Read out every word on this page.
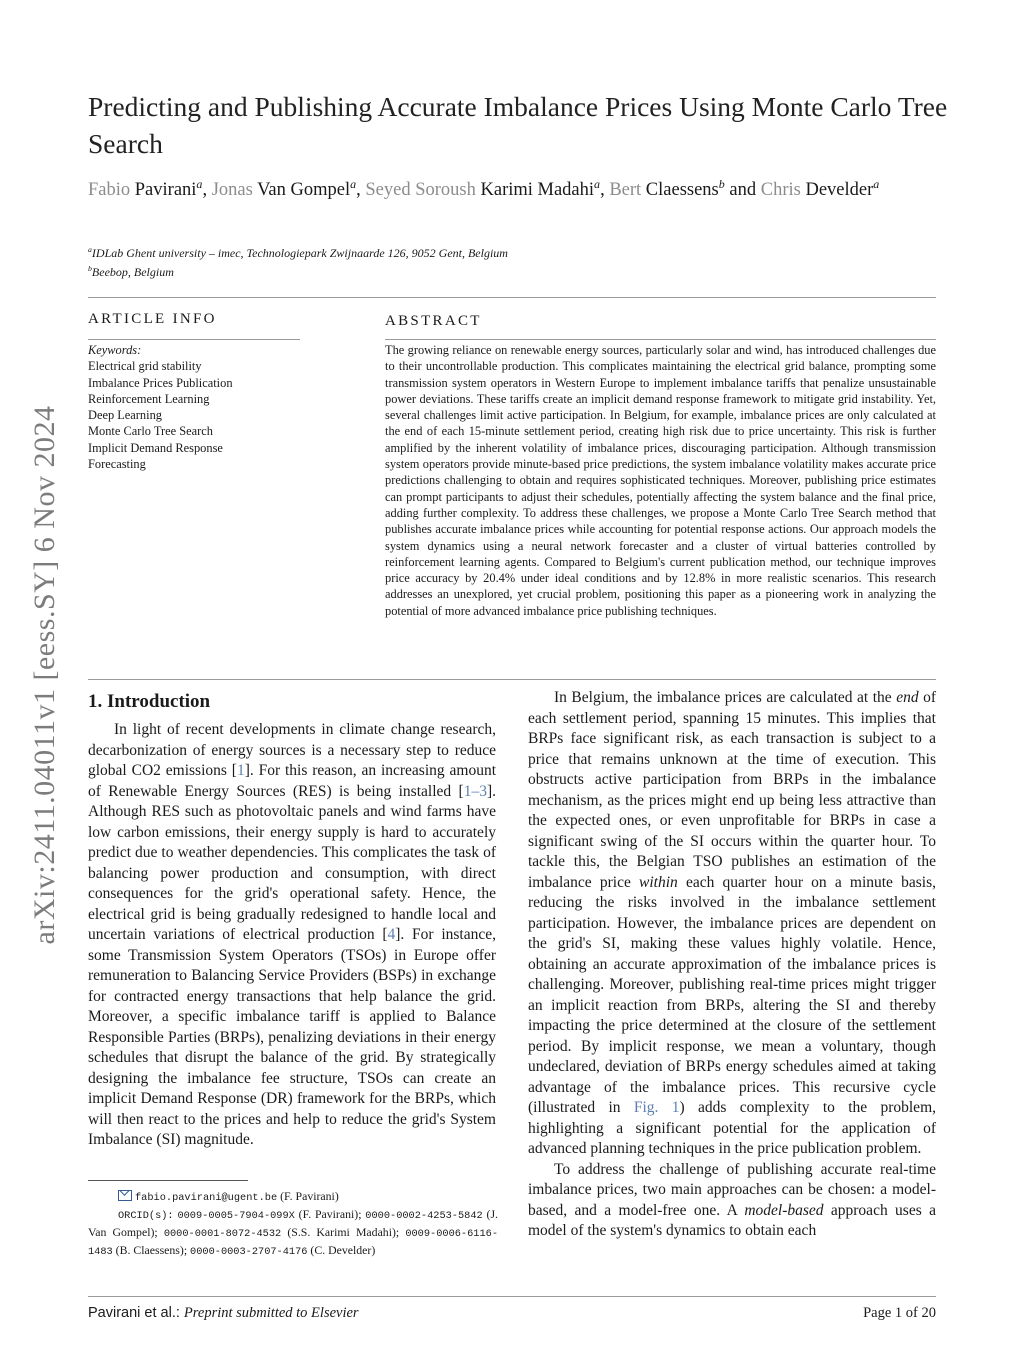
Predicting and Publishing Accurate Imbalance Prices Using Monte Carlo Tree Search
Fabio Pavirani$^a$, Jonas Van Gompel$^a$, Seyed Soroush Karimi Madahi$^a$, Bert Claessens$^b$ and Chris Develder$^a$
$^a$IDLab Ghent university – imec, Technologiepark Zwijnaarde 126, 9052 Gent, Belgium
$^b$Beebop, Belgium
ARTICLE INFO	ABSTRACT
Keywords:
Electrical grid stability
Imbalance Prices Publication
Reinforcement Learning
Deep Learning
Monte Carlo Tree Search
Implicit Demand Response
Forecasting
The growing reliance on renewable energy sources, particularly solar and wind, has introduced challenges due to their uncontrollable production. This complicates maintaining the electrical grid balance, prompting some transmission system operators in Western Europe to implement imbalance tariffs that penalize unsustainable power deviations. These tariffs create an implicit demand response framework to mitigate grid instability. Yet, several challenges limit active participation. In Belgium, for example, imbalance prices are only calculated at the end of each 15-minute settlement period, creating high risk due to price uncertainty. This risk is further amplified by the inherent volatility of imbalance prices, discouraging participation. Although transmission system operators provide minute-based price predictions, the system imbalance volatility makes accurate price predictions challenging to obtain and requires sophisticated techniques. Moreover, publishing price estimates can prompt participants to adjust their schedules, potentially affecting the system balance and the final price, adding further complexity. To address these challenges, we propose a Monte Carlo Tree Search method that publishes accurate imbalance prices while accounting for potential response actions. Our approach models the system dynamics using a neural network forecaster and a cluster of virtual batteries controlled by reinforcement learning agents. Compared to Belgium's current publication method, our technique improves price accuracy by 20.4% under ideal conditions and by 12.8% in more realistic scenarios. This research addresses an unexplored, yet crucial problem, positioning this paper as a pioneering work in analyzing the potential of more advanced imbalance price publishing techniques.
arXiv:2411.04011v1 [eess.SY] 6 Nov 2024 1. Introduction

In light of recent developments in climate change research, decarbonization of energy sources is a necessary step to reduce global CO2 emissions [1]. For this reason, an increasing amount of Renewable Energy Sources (RES) is being installed [1–3]. Although RES such as photovoltaic panels and wind farms have low carbon emissions, their energy supply is hard to accurately predict due to weather dependencies. This complicates the task of balancing power production and consumption, with direct consequences for the grid's operational safety. Hence, the electrical grid is being gradually redesigned to handle local and uncertain variations of electrical production [4]. For instance, some Transmission System Operators (TSOs) in Europe offer remuneration to Balancing Service Providers (BSPs) in exchange for contracted energy transactions that help balance the grid. Moreover, a specific imbalance tariff is applied to Balance Responsible Parties (BRPs), penalizing deviations in their energy schedules that disrupt the balance of the grid. By strategically designing the imbalance fee structure, TSOs can create an implicit Demand Response (DR) framework for the BRPs, which will then react to the prices and help to reduce the grid's System Imbalance (SI) magnitude.

In Belgium, the imbalance prices are calculated at the end of each settlement period, spanning 15 minutes. This implies that BRPs face significant risk, as each transaction is subject to a price that remains unknown at the time of execution. This obstructs active participation from BRPs in the imbalance mechanism, as the prices might end up being less attractive than the expected ones, or even unprofitable for BRPs in case a significant swing of the SI occurs within the quarter hour. To tackle this, the Belgian TSO publishes an estimation of the imbalance price within each quarter hour on a minute basis, reducing the risks involved in the imbalance settlement participation. However, the imbalance prices are dependent on the grid's SI, making these values highly volatile. Hence, obtaining an accurate approximation of the imbalance prices is challenging. Moreover, publishing real-time prices might trigger an implicit reaction from BRPs, altering the SI and thereby impacting the price determined at the closure of the settlement period. By implicit response, we mean a voluntary, though undeclared, deviation of BRPs energy schedules aimed at taking advantage of the imbalance prices. This recursive cycle (illustrated in Fig. 1) adds complexity to the problem, highlighting a significant potential for the application of advanced planning techniques in the price publication problem.

To address the challenge of publishing accurate real-time imbalance prices, two main approaches can be chosen: a model-based, and a model-free one. A model-based approach uses a model of the system's dynamics to obtain each

fabio.pavirani@ugent.be (F. Pavirani)
ORCID(s): 0009-0005-7904-099X (F. Pavirani); 0000-0002-4253-5842 (J. Van Gompel); 0000-0001-8072-4532 (S.S. Karimi Madahi); 0009-0006-6116-1483 (B. Claessens); 0000-0003-2707-4176 (C. Develder)
Pavirani et al.: Preprint submitted to Elsevier	Page 1 of 20
